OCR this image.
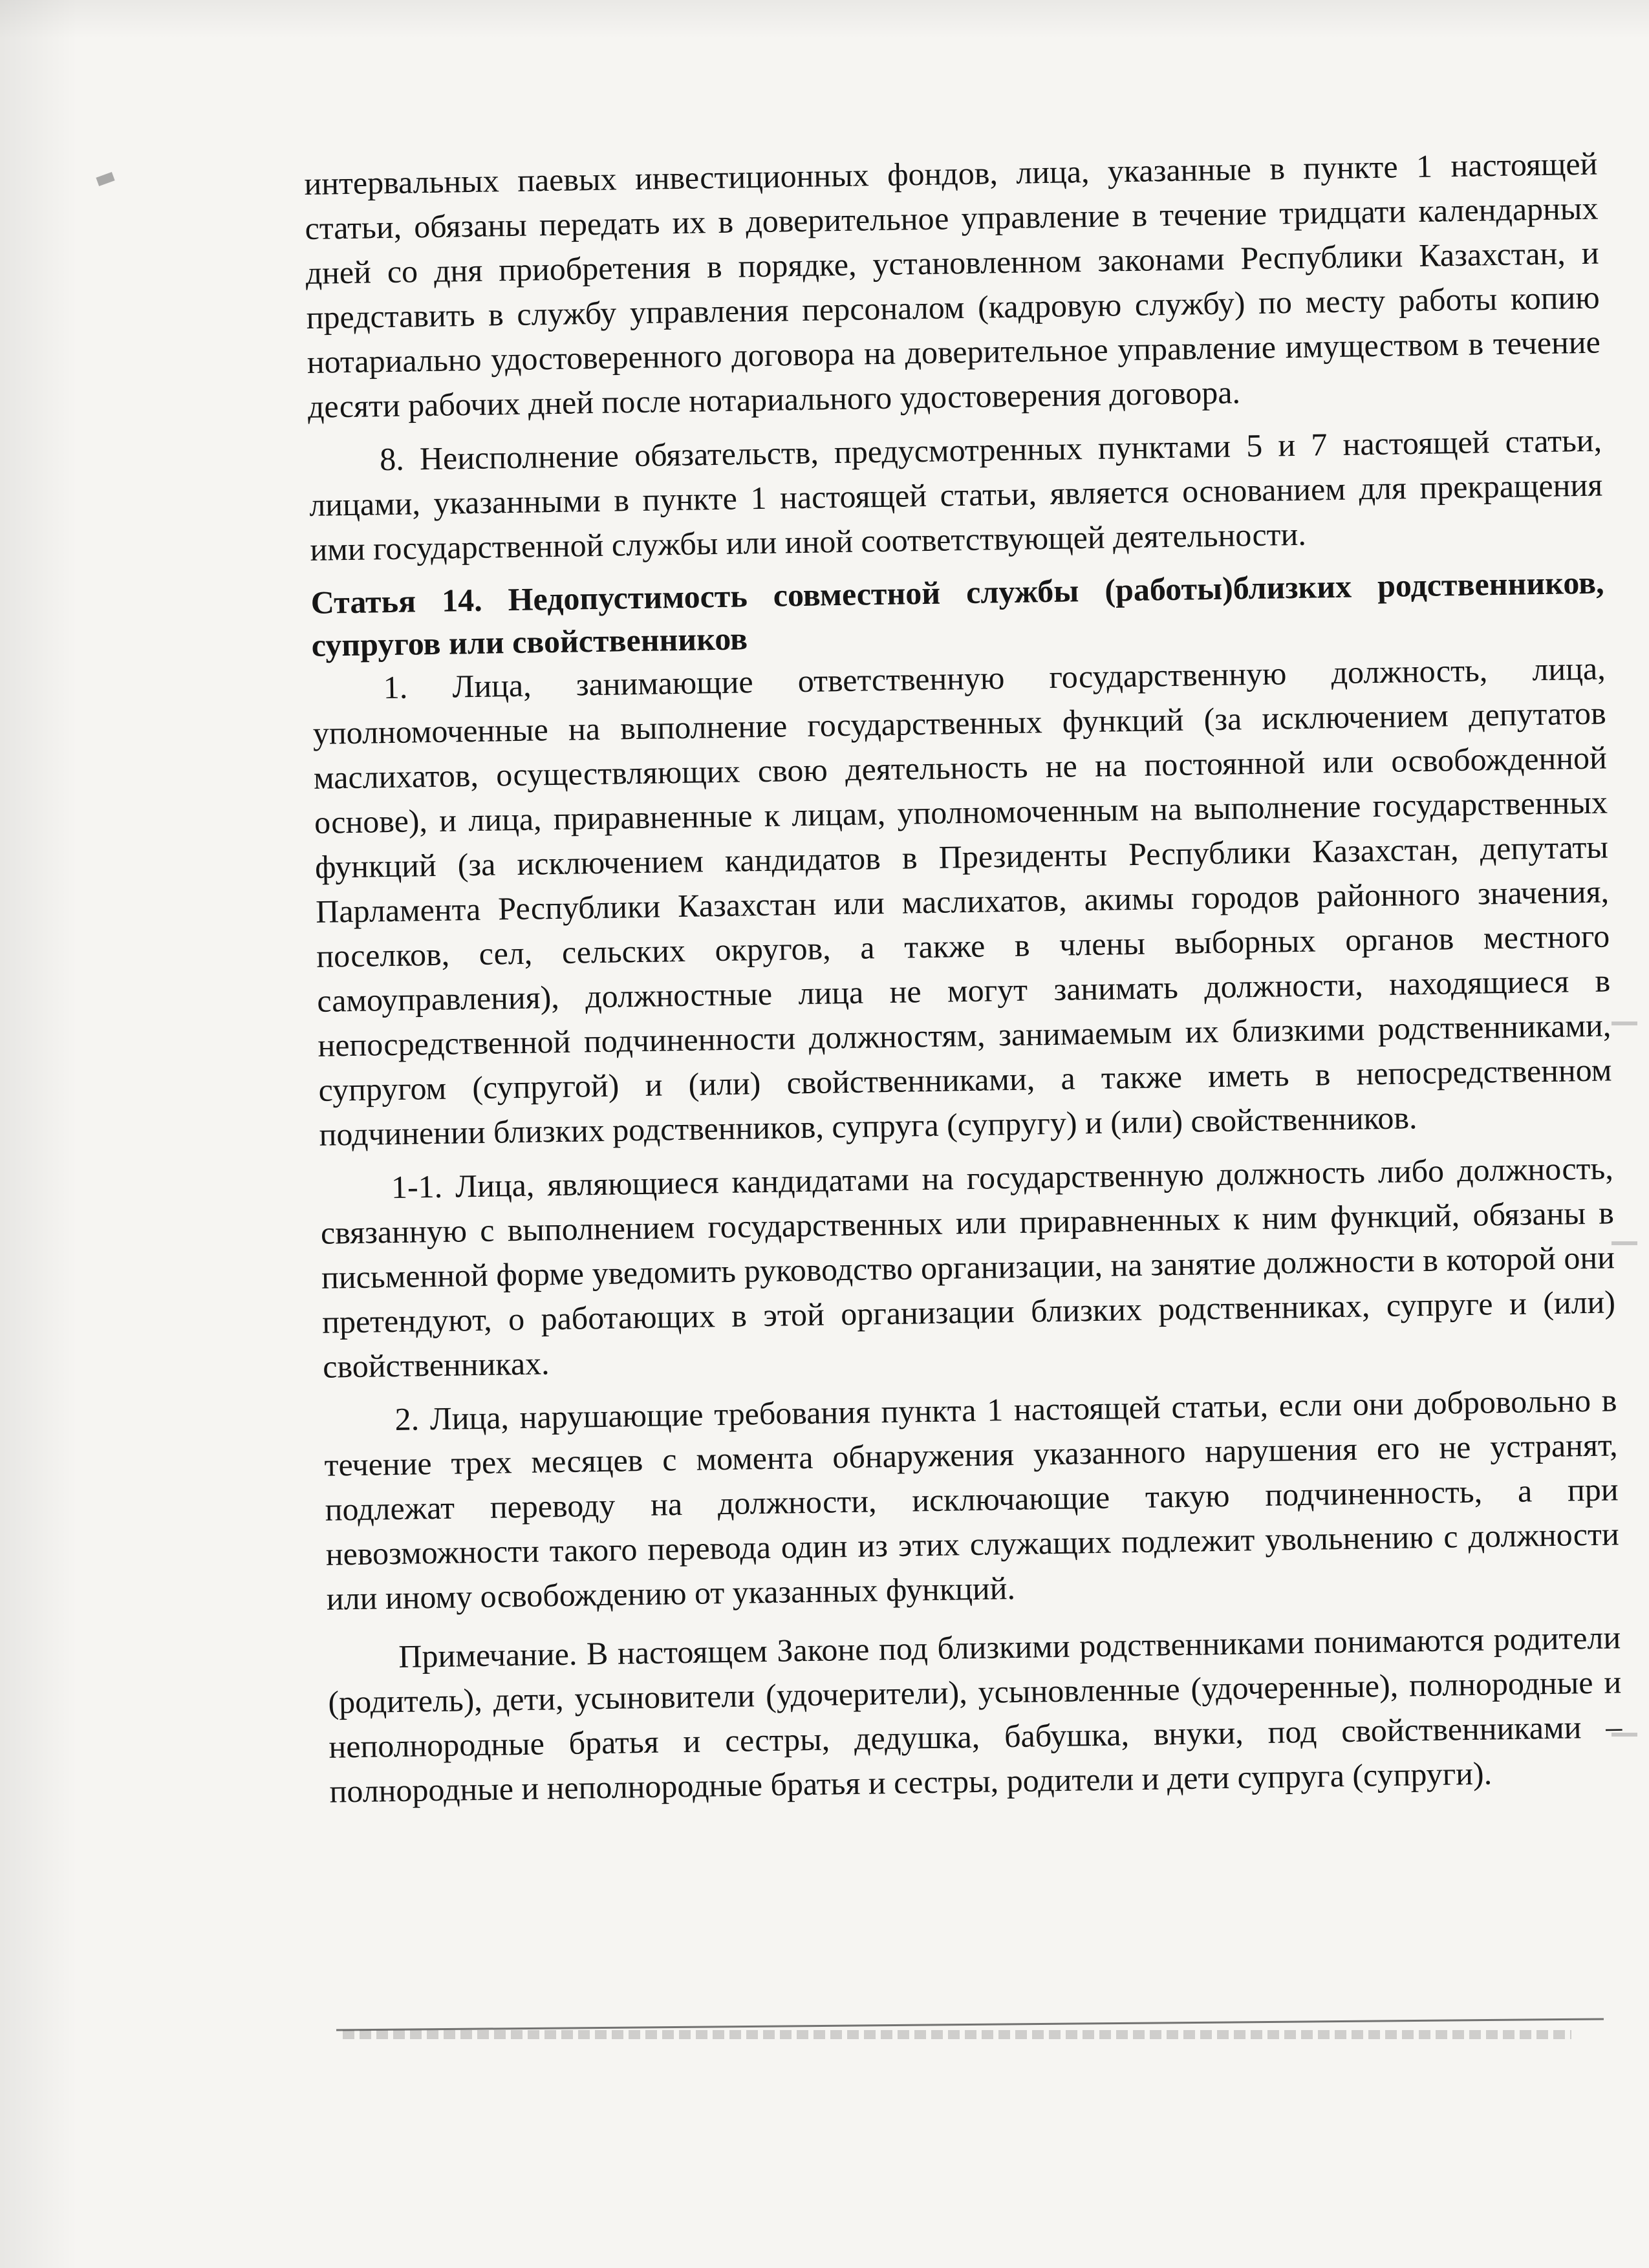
интервальных паевых инвестиционных фондов, лица, указанные в пункте 1 настоящей статьи, обязаны передать их в доверительное управление в течение тридцати календарных дней со дня приобретения в порядке, установленном законами Республики Казахстан, и представить в службу управления персоналом (кадровую службу) по месту работы копию нотариально удостоверенного договора на доверительное управление имуществом в течение десяти рабочих дней после нотариального удостоверения договора.

8. Неисполнение обязательств, предусмотренных пунктами 5 и 7 настоящей статьи, лицами, указанными в пункте 1 настоящей статьи, является основанием для прекращения ими государственной службы или иной соответствующей деятельности.

Статья 14. Недопустимость совместной службы (работы)близких родственников, супругов или свойственников

1. Лица, занимающие ответственную государственную должность, лица, уполномоченные на выполнение государственных функций (за исключением депутатов маслихатов, осуществляющих свою деятельность не на постоянной или освобожденной основе), и лица, приравненные к лицам, уполномоченным на выполнение государственных функций (за исключением кандидатов в Президенты Республики Казахстан, депутаты Парламента Республики Казахстан или маслихатов, акимы городов районного значения, поселков, сел, сельских округов, а также в члены выборных органов местного самоуправления), должностные лица не могут занимать должности, находящиеся в непосредственной подчиненности должностям, занимаемым их близкими родственниками, супругом (супругой) и (или) свойственниками, а также иметь в непосредственном подчинении близких родственников, супруга (супругу) и (или) свойственников.

1-1. Лица, являющиеся кандидатами на государственную должность либо должность, связанную с выполнением государственных или приравненных к ним функций, обязаны в письменной форме уведомить руководство организации, на занятие должности в которой они претендуют, о работающих в этой организации близких родственниках, супруге и (или) свойственниках.

2. Лица, нарушающие требования пункта 1 настоящей статьи, если они добровольно в течение трех месяцев с момента обнаружения указанного нарушения его не устранят, подлежат переводу на должности, исключающие такую подчиненность, а при невозможности такого перевода один из этих служащих подлежит увольнению с должности или иному освобождению от указанных функций.

Примечание. В настоящем Законе под близкими родственниками понимаются родители (родитель), дети, усыновители (удочерители), усыновленные (удочеренные), полнородные и неполнородные братья и сестры, дедушка, бабушка, внуки, под свойственниками – полнородные и неполнородные братья и сестры, родители и дети супруга (супруги).
